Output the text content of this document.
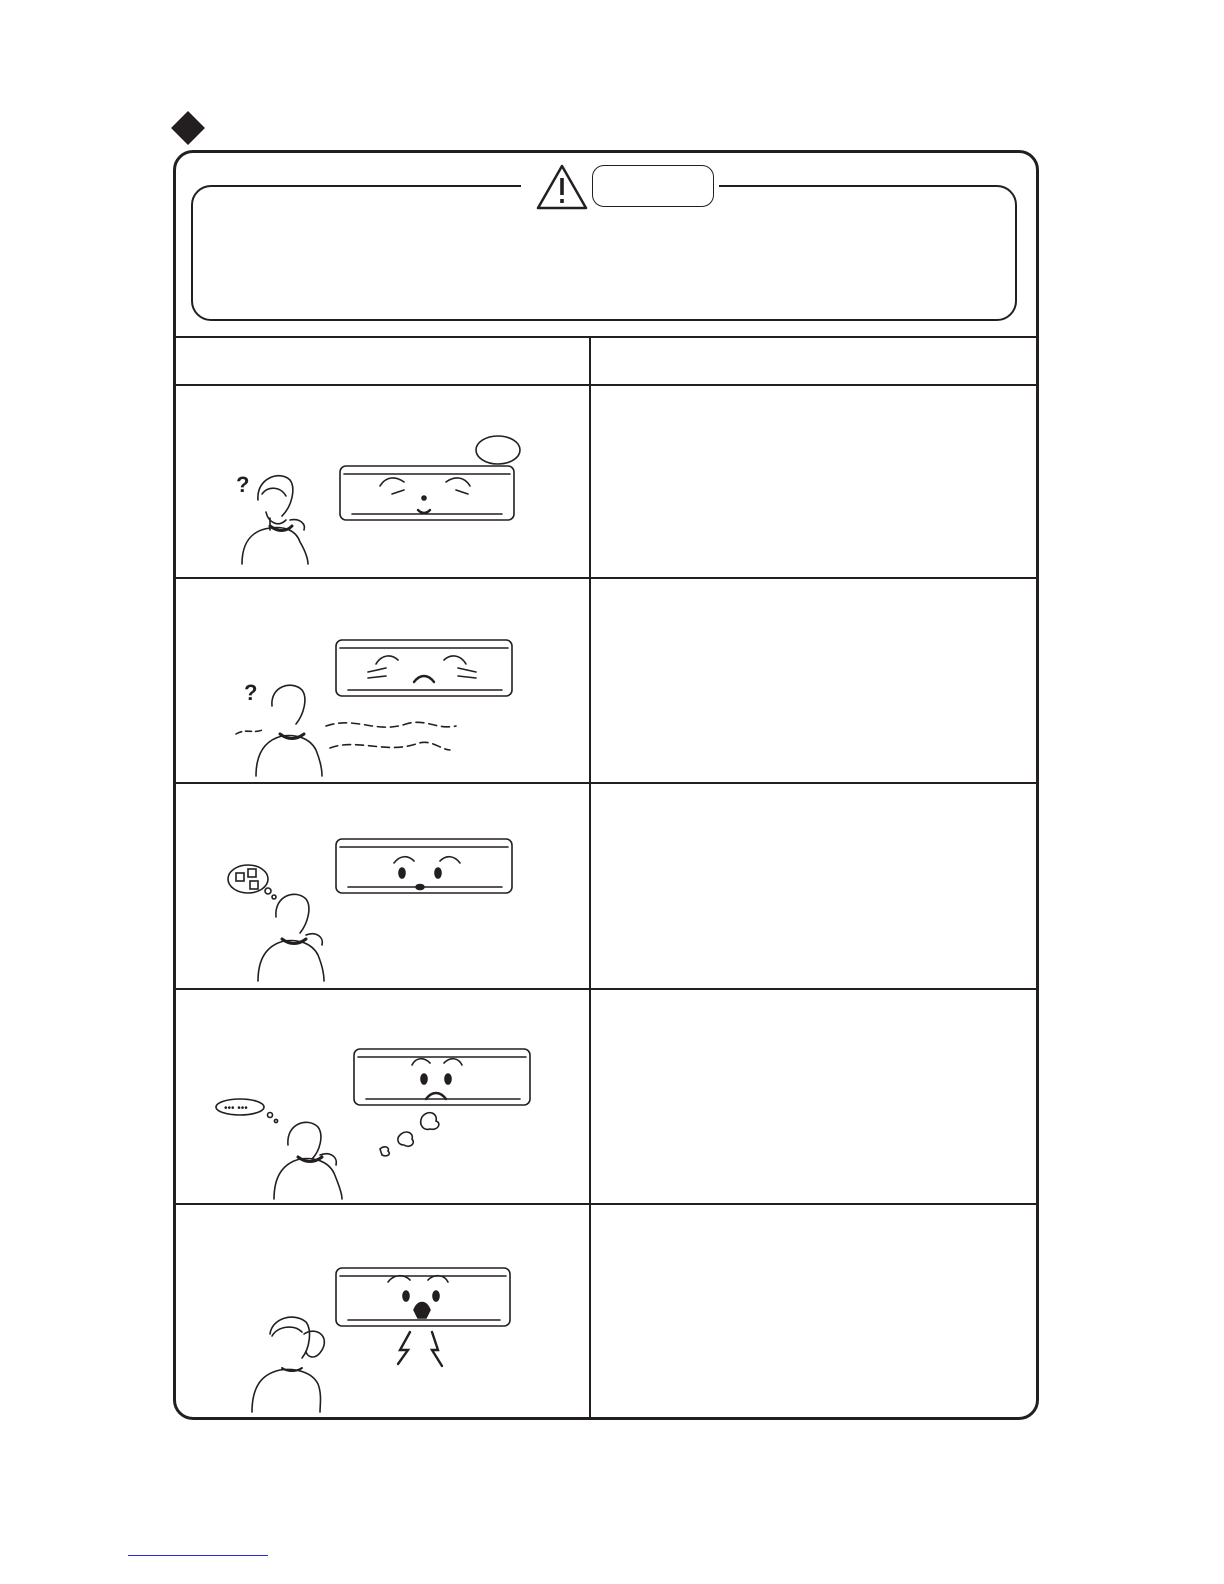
?
?
••• •••
